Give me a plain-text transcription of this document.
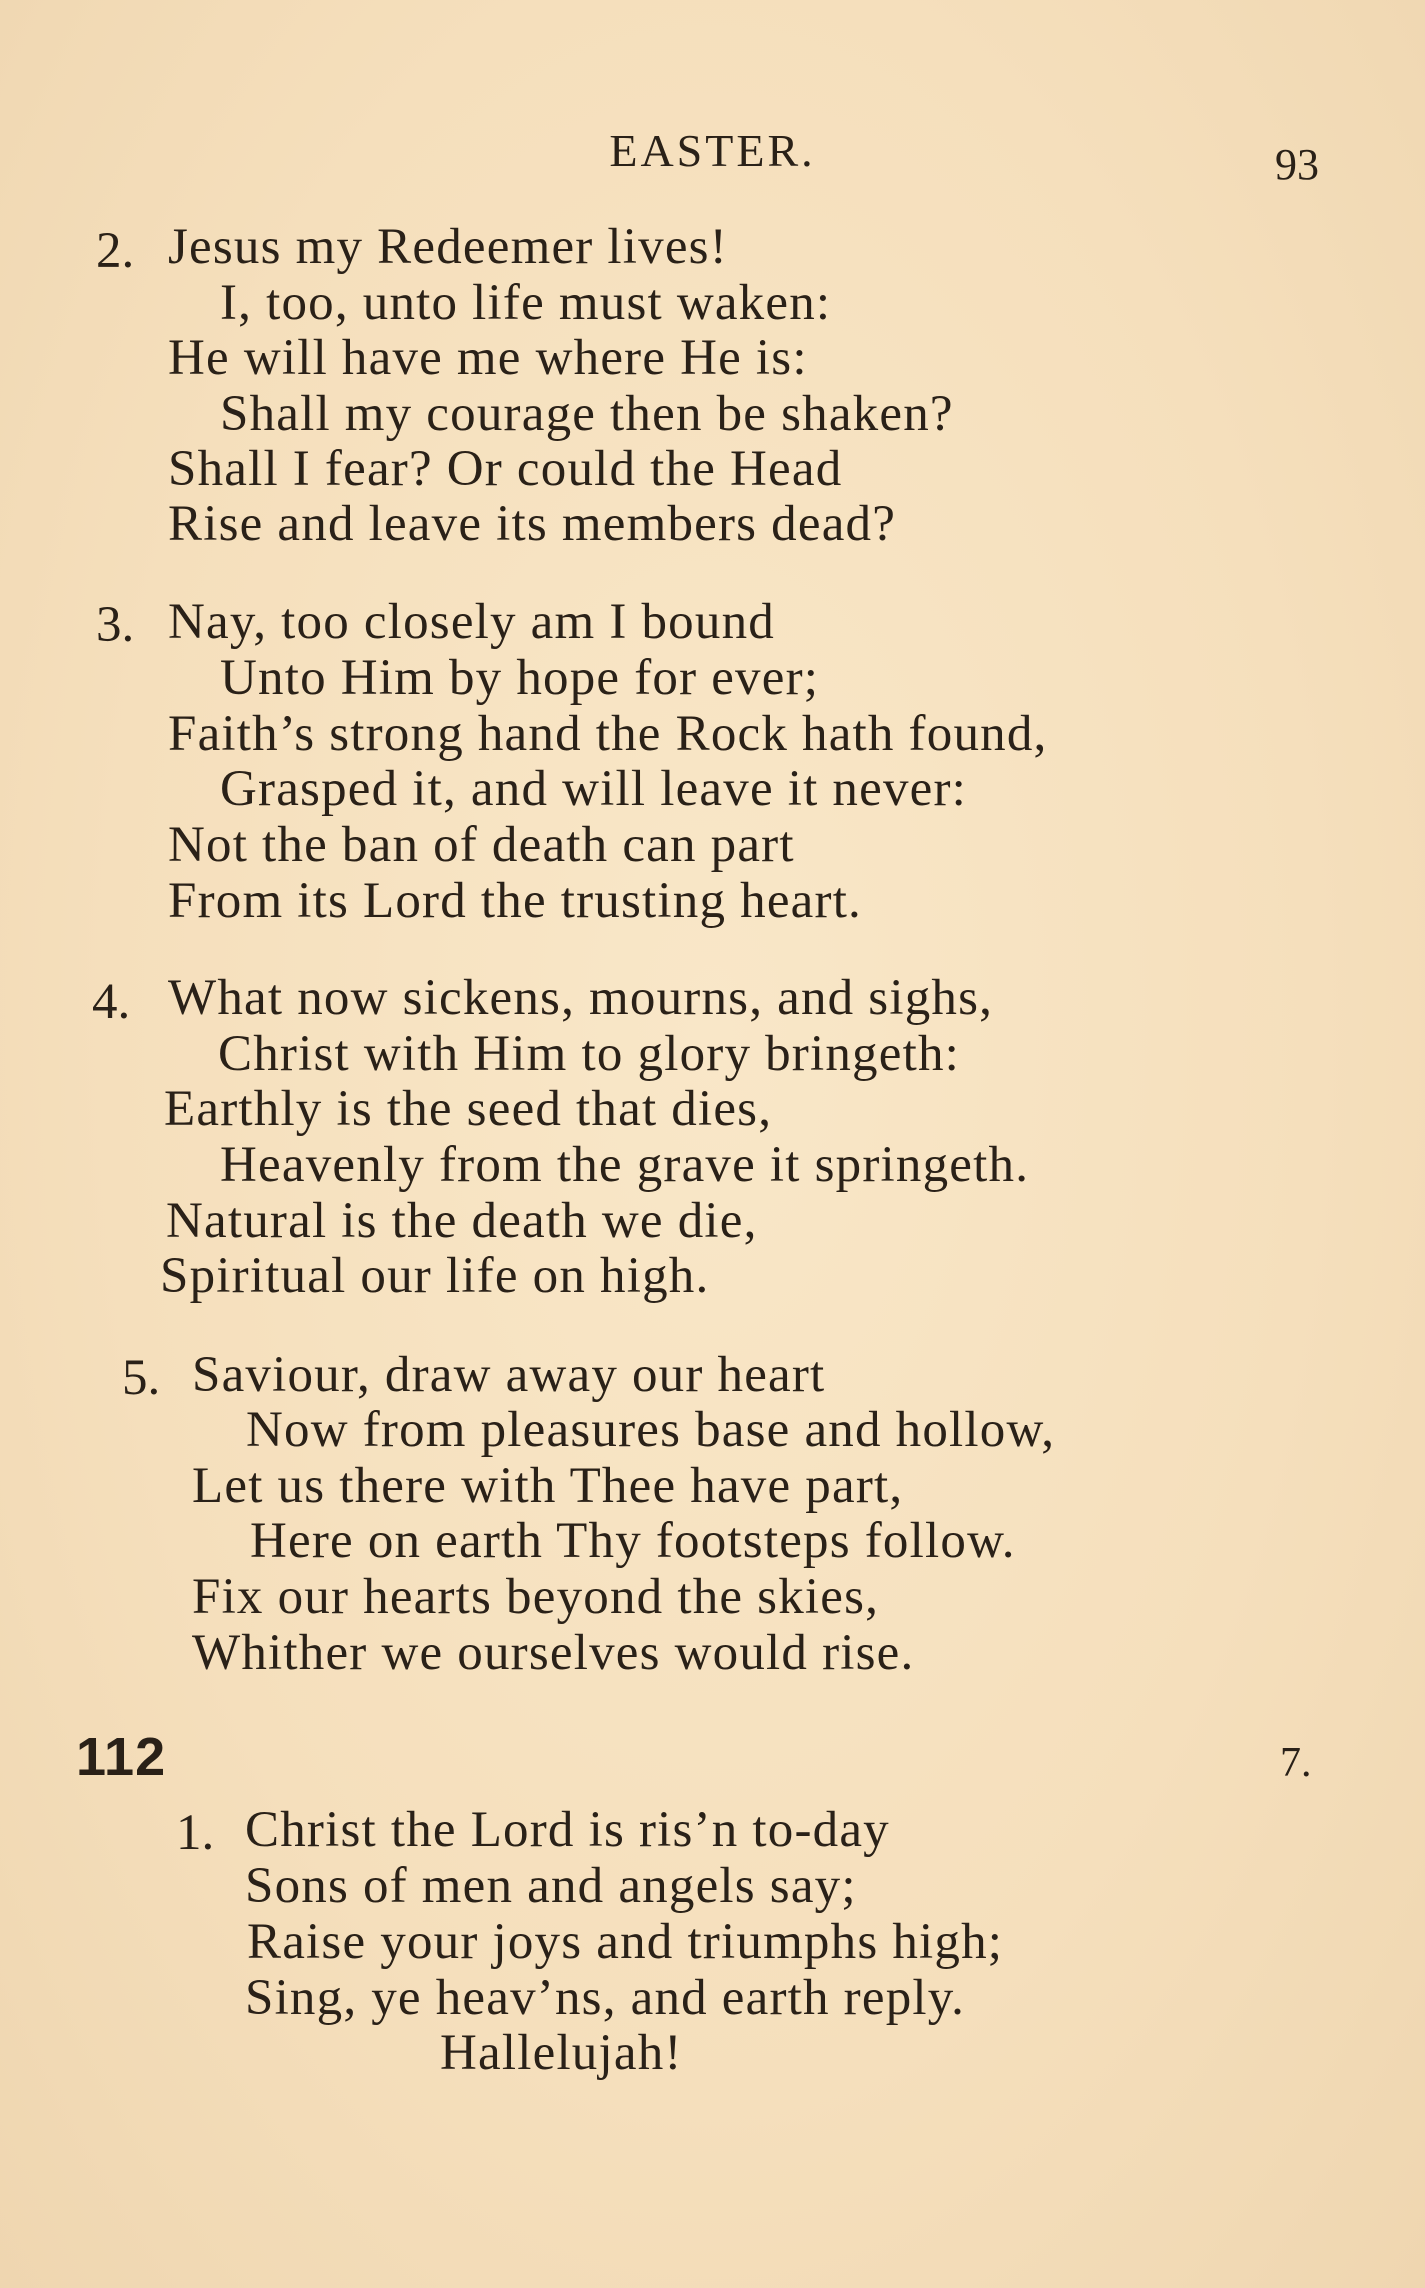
EASTER.	93
2. Jesus my Redeemer lives!
I, too, unto life must waken:
He will have me where He is:
Shall my courage then be shaken?
Shall I fear? Or could the Head
Rise and leave its members dead?
3. Nay, too closely am I bound
Unto Him by hope for ever;
Faith’s strong hand the Rock hath found,
Grasped it, and will leave it never:
Not the ban of death can part
From its Lord the trusting heart.
4. What now sickens, mourns, and sighs,
Christ with Him to glory bringeth:
Earthly is the seed that dies,
Heavenly from the grave it springeth.
Natural is the death we die,
Spiritual our life on high.
5. Saviour, draw away our heart
Now from pleasures base and hollow,
Let us there with Thee have part,
Here on earth Thy footsteps follow.
Fix our hearts beyond the skies,
Whither we ourselves would rise.
112	7.
1. Christ the Lord is ris’n to-day
Sons of men and angels say;
Raise your joys and triumphs high;
Sing, ye heav’ns, and earth reply.
Hallelujah!
